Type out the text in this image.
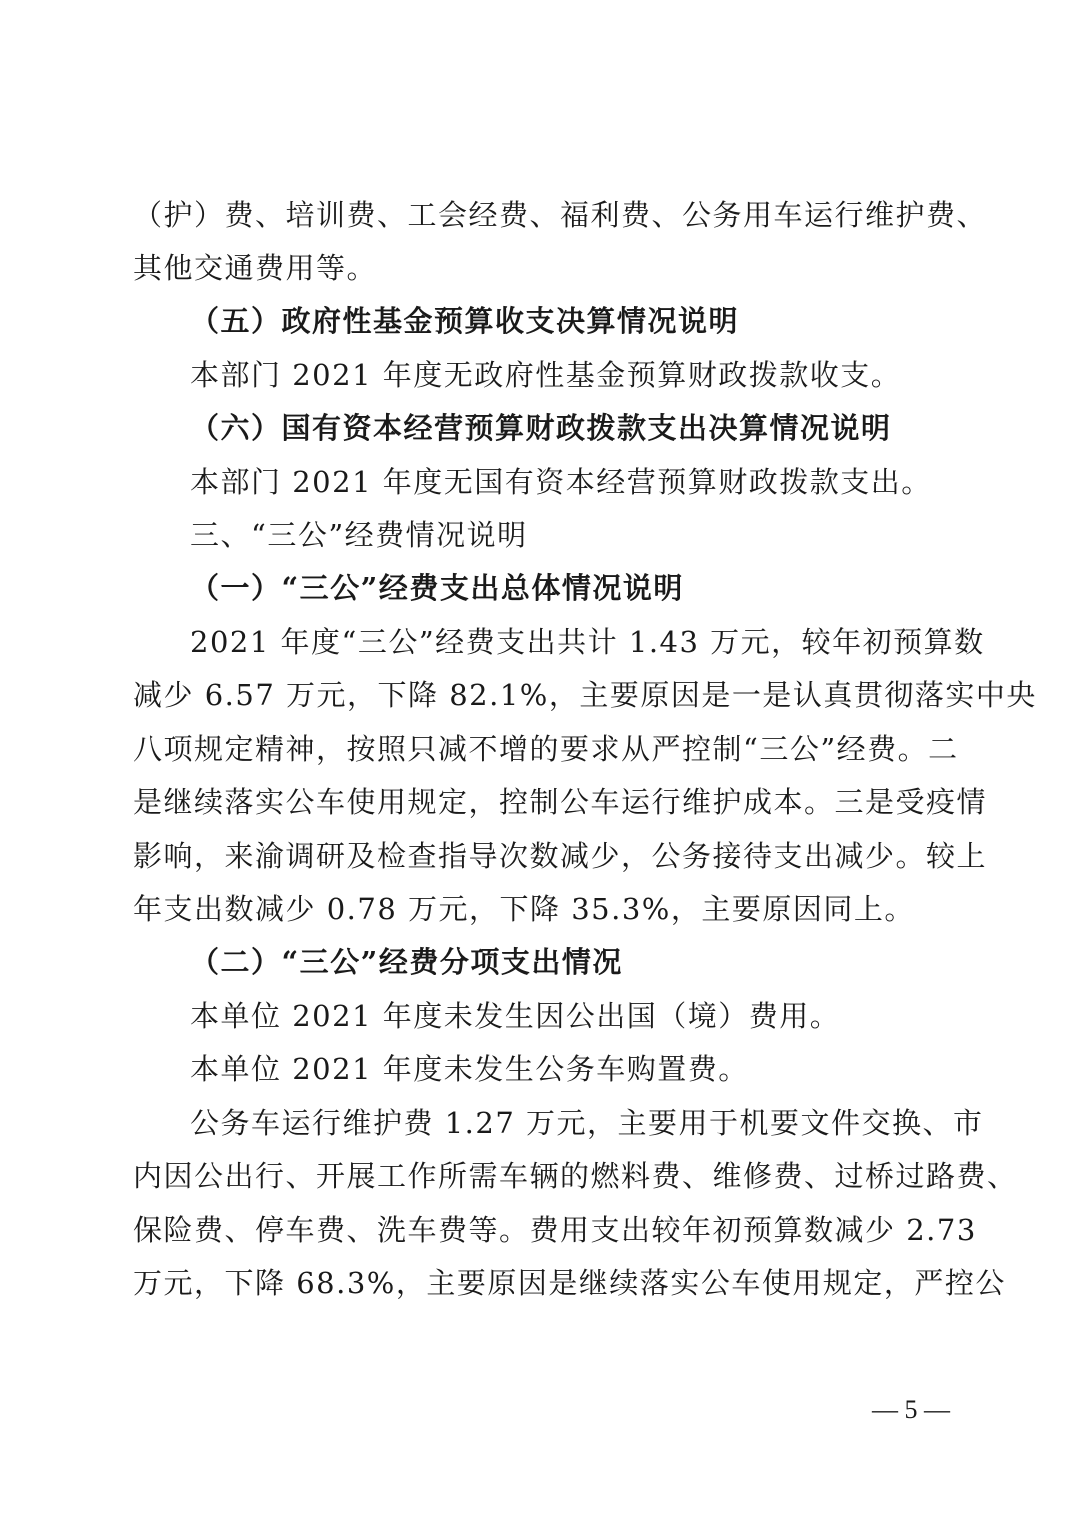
（护）费、培训费、工会经费、福利费、公务用车运行维护费、
其他交通费用等。
（五）政府性基金预算收支决算情况说明
本部门 2021 年度无政府性基金预算财政拨款收支。
（六）国有资本经营预算财政拨款支出决算情况说明
本部门 2021 年度无国有资本经营预算财政拨款支出。
三、“三公”经费情况说明
（一）“三公”经费支出总体情况说明
2021 年度“三公”经费支出共计 1.43 万元，较年初预算数
减少 6.57 万元，下降 82.1%，主要原因是一是认真贯彻落实中央
八项规定精神，按照只减不增的要求从严控制“三公”经费。二
是继续落实公车使用规定，控制公车运行维护成本。三是受疫情
影响，来渝调研及检查指导次数减少，公务接待支出减少。较上
年支出数减少 0.78 万元，下降 35.3%，主要原因同上。
（二）“三公”经费分项支出情况
本单位 2021 年度未发生因公出国（境）费用。
本单位 2021 年度未发生公务车购置费。
公务车运行维护费 1.27 万元，主要用于机要文件交换、市
内因公出行、开展工作所需车辆的燃料费、维修费、过桥过路费、
保险费、停车费、洗车费等。费用支出较年初预算数减少 2.73
万元，下降 68.3%，主要原因是继续落实公车使用规定，严控公
— 5 —
